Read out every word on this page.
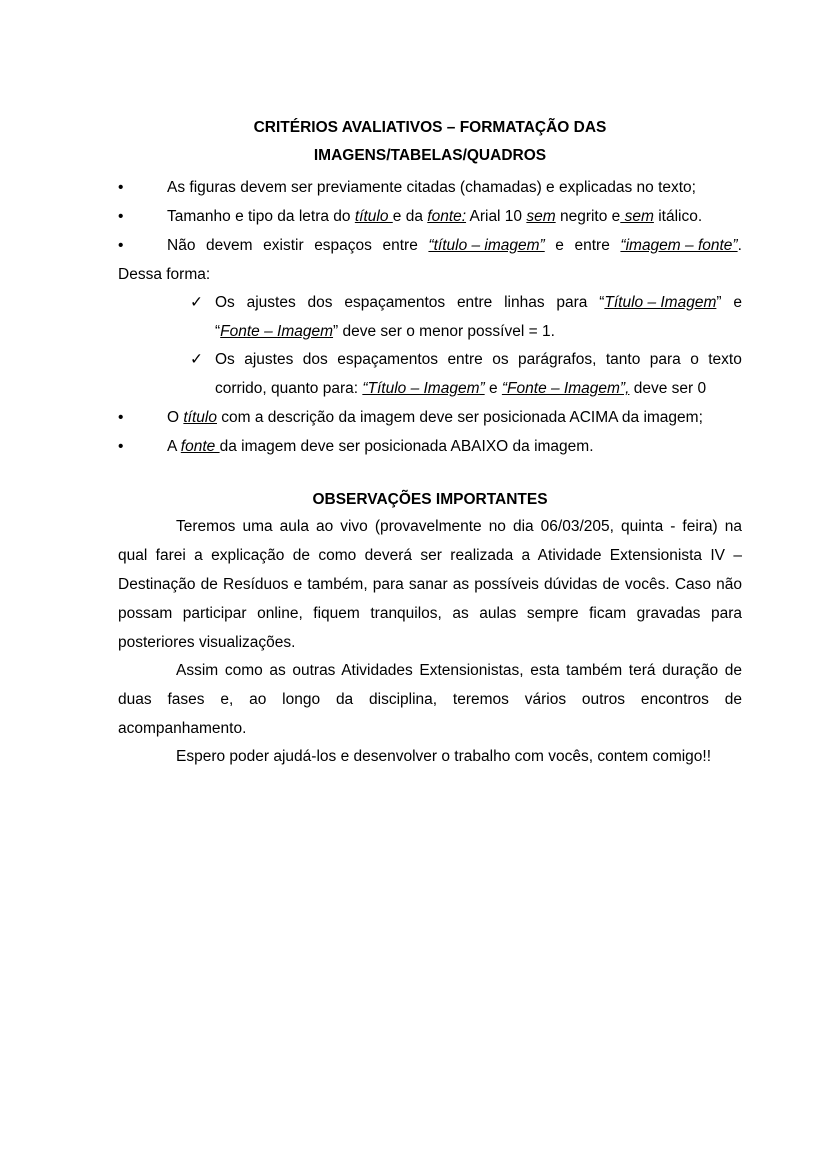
CRITÉRIOS AVALIATIVOS – FORMATAÇÃO DAS
IMAGENS/TABELAS/QUADROS
•	As figuras devem ser previamente citadas (chamadas) e explicadas no texto;
•	Tamanho e tipo da letra do título e da fonte: Arial 10 sem negrito e sem itálico.
•	Não devem existir espaços entre “título – imagem” e entre “imagem – fonte”.
Dessa forma:
✓ Os ajustes dos espaçamentos entre linhas para “Título – Imagem” e
“Fonte – Imagem” deve ser o menor possível = 1.
✓ Os ajustes dos espaçamentos entre os parágrafos, tanto para o texto
corrido, quanto para: “Título – Imagem” e “Fonte – Imagem”, deve ser 0
•	O título com a descrição da imagem deve ser posicionada ACIMA da imagem;
•	A fonte da imagem deve ser posicionada ABAIXO da imagem.
OBSERVAÇÕES IMPORTANTES
Teremos uma aula ao vivo (provavelmente no dia 06/03/205, quinta - feira) na qual farei a explicação de como deverá ser realizada a Atividade Extensionista IV – Destinação de Resíduos e também, para sanar as possíveis dúvidas de vocês. Caso não possam participar online, fiquem tranquilos, as aulas sempre ficam gravadas para posteriores visualizações.
Assim como as outras Atividades Extensionistas, esta também terá duração de duas fases e, ao longo da disciplina, teremos vários outros encontros de acompanhamento.
Espero poder ajudá-los e desenvolver o trabalho com vocês, contem comigo!!
